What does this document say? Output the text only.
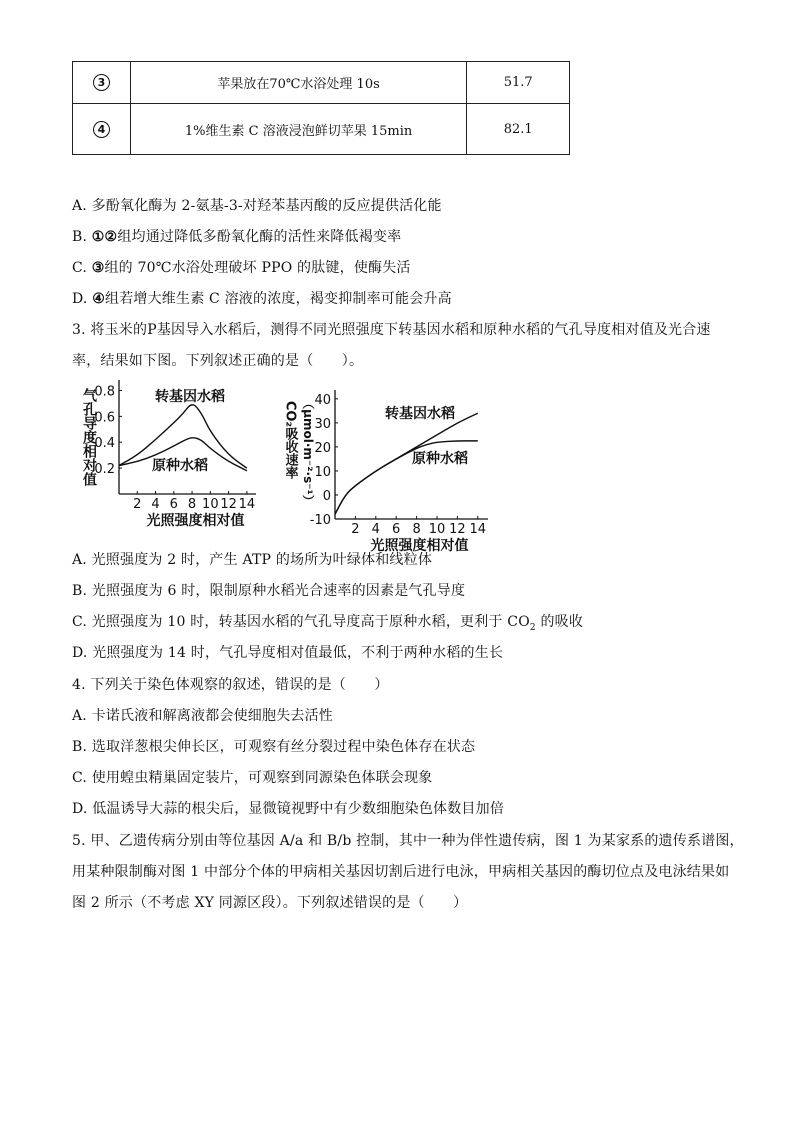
3	苹果放在70℃水浴处理 10s	51.7
4	1%维生素 C 溶液浸泡鲜切苹果 15min	82.1
A. 多酚氧化酶为 2-氨基-3-对羟苯基丙酸的反应提供活化能
B. ①②组均通过降低多酚氧化酶的活性来降低褐变率
C. ③组的 70℃水浴处理破坏 PPO 的肽键，使酶失活
D. ④组若增大维生素 C 溶液的浓度，褐变抑制率可能会升高
3. 将玉米的P基因导入水稻后，测得不同光照强度下转基因水稻和原种水稻的气孔导度相对值及光合速
率，结果如下图。下列叙述正确的是（　　）。
2 4 6 8 10 12 14
0.2
0.4
0.6
0.8	转基因水稻
原种水稻
光照强度相对值
气孔导度相对值
2 4 6 8 10 12 14
-10
0
10
20
30
40
转基因水稻
原种水稻
光照强度相对值
CO₂吸收速率 （μmol·m⁻²·s⁻¹）
A. 光照强度为 2 时，产生 ATP 的场所为叶绿体和线粒体
B. 光照强度为 6 时，限制原种水稻光合速率的因素是气孔导度
C. 光照强度为 10 时，转基因水稻的气孔导度高于原种水稻，更利于 $CO_2$ 的吸收
D. 光照强度为 14 时，气孔导度相对值最低，不利于两种水稻的生长
4. 下列关于染色体观察的叙述，错误的是（　　）
A. 卡诺氏液和解离液都会使细胞失去活性
B. 选取洋葱根尖伸长区，可观察有丝分裂过程中染色体存在状态
C. 使用蝗虫精巢固定装片，可观察到同源染色体联会现象
D. 低温诱导大蒜的根尖后，显微镜视野中有少数细胞染色体数目加倍
5. 甲、乙遗传病分别由等位基因 A/a 和 B/b 控制，其中一种为伴性遗传病，图 1 为某家系的遗传系谱图，
用某种限制酶对图 1 中部分个体的甲病相关基因切割后进行电泳，甲病相关基因的酶切位点及电泳结果如
图 2 所示（不考虑 XY 同源区段）。下列叙述错误的是（　　）
